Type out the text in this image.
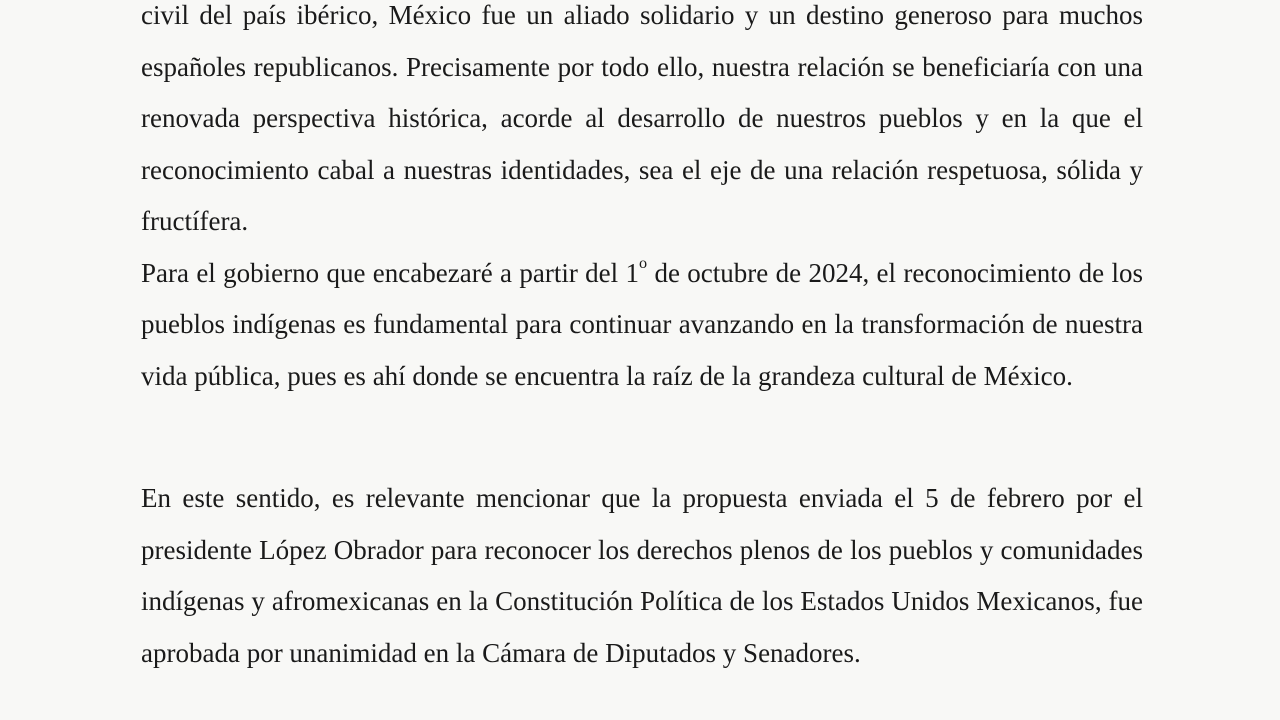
civil del país ibérico, México fue un aliado solidario y un destino generoso para muchos españoles republicanos. Precisamente por todo ello, nuestra relación se beneficiaría con una renovada perspectiva histórica, acorde al desarrollo de nuestros pueblos y en la que el reconocimiento cabal a nuestras identidades, sea el eje de una relación respetuosa, sólida y fructífera.

Para el gobierno que encabezaré a partir del 1$^o$ de octubre de 2024, el reconocimiento de los pueblos indígenas es fundamental para continuar avanzando en la transformación de nuestra vida pública, pues es ahí donde se encuentra la raíz de la grandeza cultural de México.

En este sentido, es relevante mencionar que la propuesta enviada el 5 de febrero por el presidente López Obrador para reconocer los derechos plenos de los pueblos y comunidades indígenas y afromexicanas en la Constitución Política de los Estados Unidos Mexicanos, fue aprobada por unanimidad en la Cámara de Diputados y Senadores.
